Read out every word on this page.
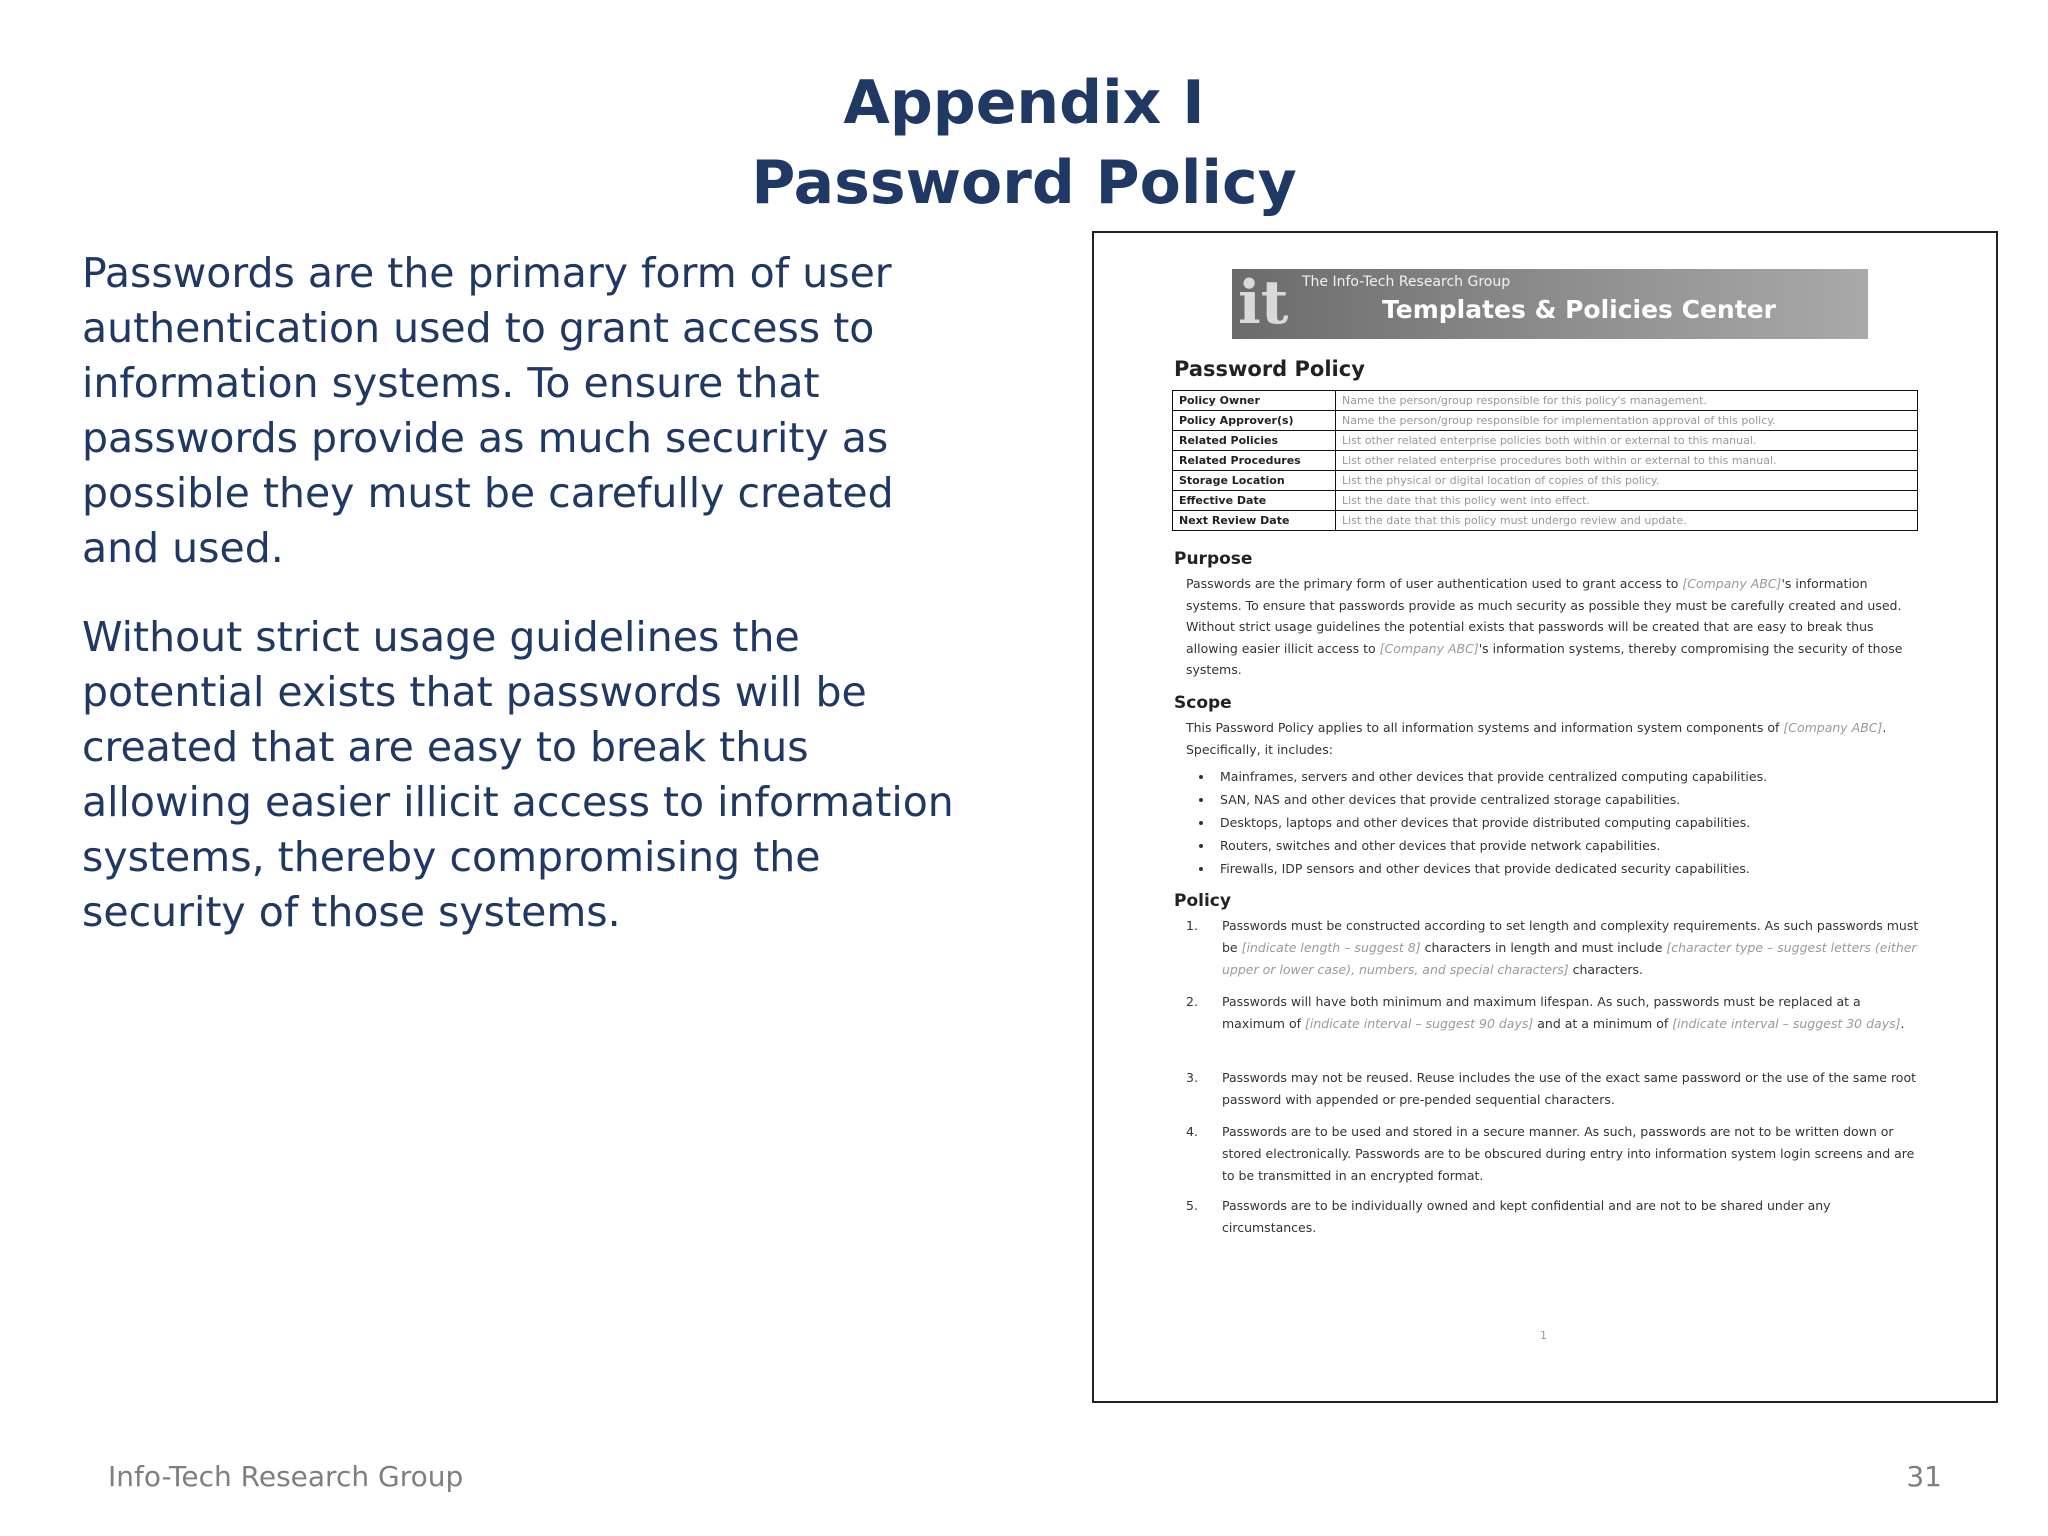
Appendix I
Password Policy
Passwords are the primary form of user authentication used to grant access to information systems. To ensure that passwords provide as much security as possible they must be carefully created and used.
Without strict usage guidelines the potential exists that passwords will be created that are easy to break thus allowing easier illicit access to information systems, thereby compromising the security of those systems.
it The Info-Tech Research Group
Templates & Policies Center
Password Policy
Policy Owner	Name the person/group responsible for this policy's management.
Policy Approver(s)	Name the person/group responsible for implementation approval of this policy.
Related Policies	List other related enterprise policies both within or external to this manual.
Related Procedures	List other related enterprise procedures both within or external to this manual.
Storage Location	List the physical or digital location of copies of this policy.
Effective Date	List the date that this policy went into effect.
Next Review Date	List the date that this policy must undergo review and update.
Purpose
Passwords are the primary form of user authentication used to grant access to [Company ABC]'s information systems. To ensure that passwords provide as much security as possible they must be carefully created and used. Without strict usage guidelines the potential exists that passwords will be created that are easy to break thus allowing easier illicit access to [Company ABC]'s information systems, thereby compromising the security of those systems.
Scope
This Password Policy applies to all information systems and information system components of [Company ABC]. Specifically, it includes:
• Mainframes, servers and other devices that provide centralized computing capabilities.
• SAN, NAS and other devices that provide centralized storage capabilities.
• Desktops, laptops and other devices that provide distributed computing capabilities.
• Routers, switches and other devices that provide network capabilities.
• Firewalls, IDP sensors and other devices that provide dedicated security capabilities.
Policy
1.	Passwords must be constructed according to set length and complexity requirements. As such passwords must be [indicate length – suggest 8] characters in length and must include [character type – suggest letters (either upper or lower case), numbers, and special characters] characters.
2.	Passwords will have both minimum and maximum lifespan. As such, passwords must be replaced at a maximum of [indicate interval – suggest 90 days] and at a minimum of [indicate interval – suggest 30 days].
3.	Passwords may not be reused. Reuse includes the use of the exact same password or the use of the same root password with appended or pre-pended sequential characters.
4.	Passwords are to be used and stored in a secure manner. As such, passwords are not to be written down or stored electronically. Passwords are to be obscured during entry into information system login screens and are to be transmitted in an encrypted format.
5.	Passwords are to be individually owned and kept confidential and are not to be shared under any circumstances.
1
Info-Tech Research Group	31
